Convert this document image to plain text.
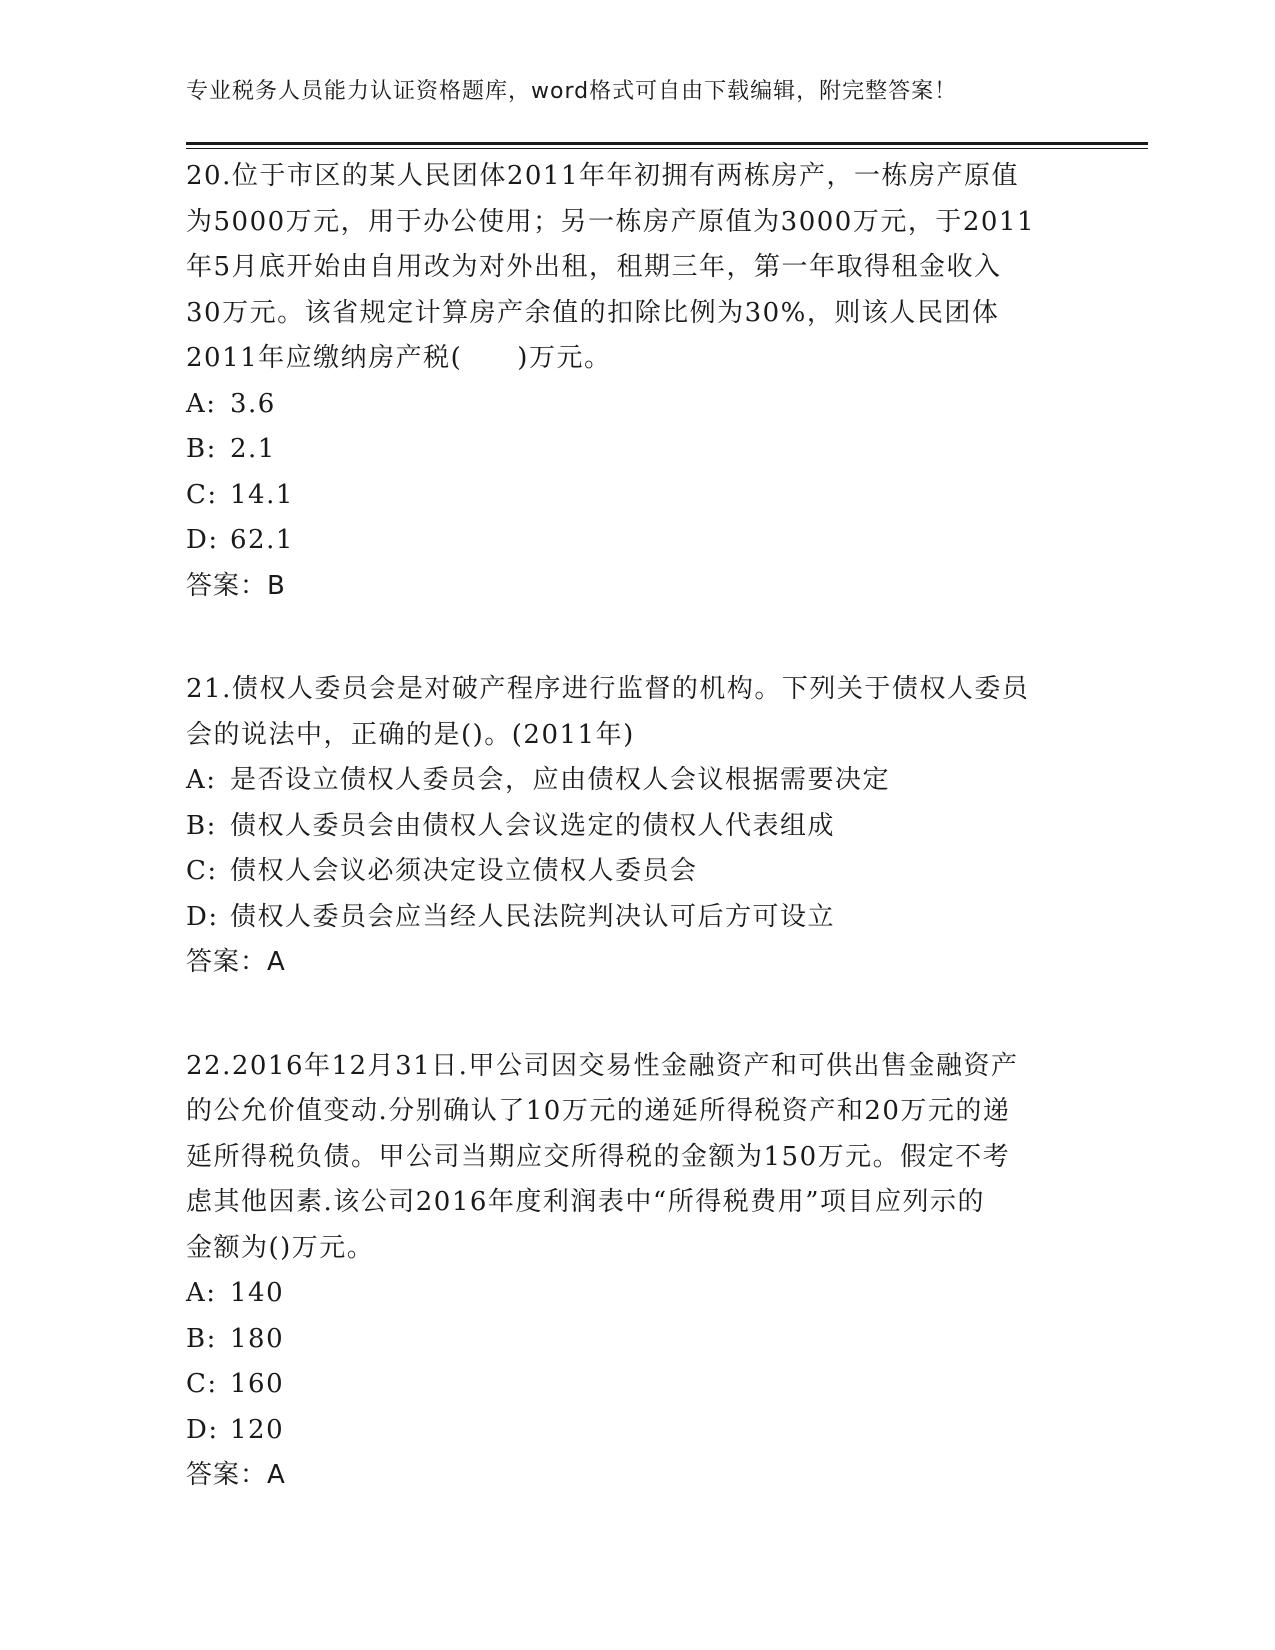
专业税务人员能力认证资格题库，word格式可自由下载编辑，附完整答案！
20.位于市区的某人民团体2011年年初拥有两栋房产，一栋房产原值
为5000万元，用于办公使用；另一栋房产原值为3000万元，于2011
年5月底开始由自用改为对外出租，租期三年，第一年取得租金收入
30万元。该省规定计算房产余值的扣除比例为30%，则该人民团体
2011年应缴纳房产税(　　)万元。
A: 3.6
B: 2.1
C: 14.1
D: 62.1
答案：B
21.债权人委员会是对破产程序进行监督的机构。下列关于债权人委员
会的说法中，正确的是()。(2011年)
A: 是否设立债权人委员会，应由债权人会议根据需要决定
B: 债权人委员会由债权人会议选定的债权人代表组成
C: 债权人会议必须决定设立债权人委员会
D: 债权人委员会应当经人民法院判决认可后方可设立
答案：A
22.2016年12月31日.甲公司因交易性金融资产和可供出售金融资产
的公允价值变动.分别确认了10万元的递延所得税资产和20万元的递
延所得税负债。甲公司当期应交所得税的金额为150万元。假定不考
虑其他因素.该公司2016年度利润表中“所得税费用”项目应列示的
金额为()万元。
A: 140
B: 180
C: 160
D: 120
答案：A
